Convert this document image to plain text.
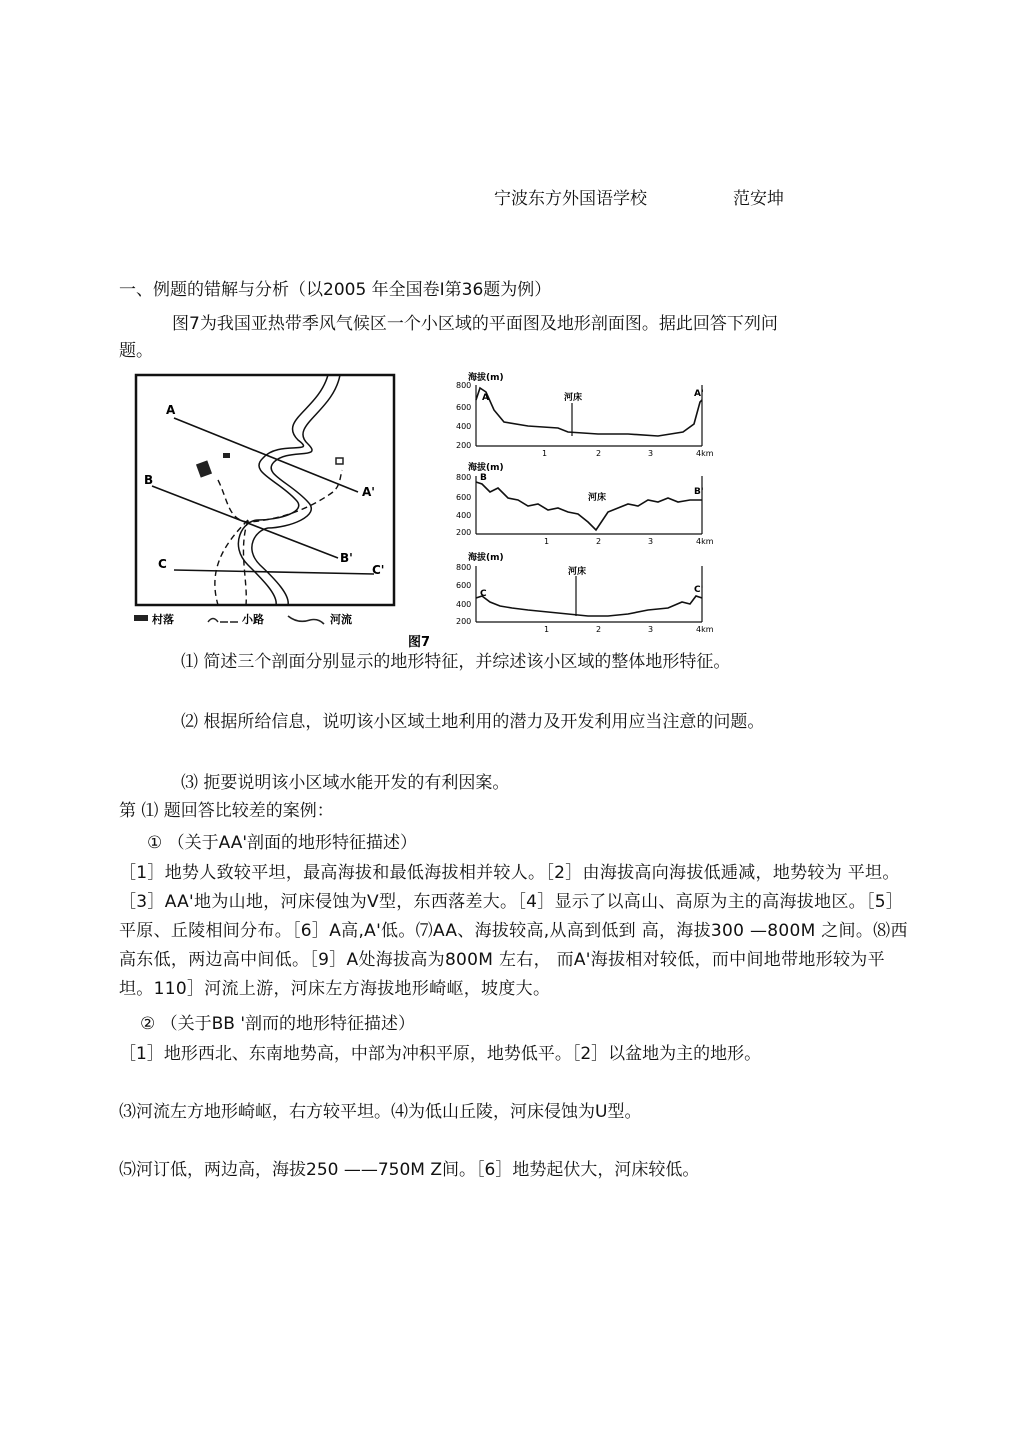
宁波东方外国语学校	范安坤
一、例题的错解与分析（以2005 年全国卷I第36题为例）
图7为我国亚热带季风气候区一个小区域的平面图及地形剖面图。据此回答下列问
题。
A
A'
B
B'
C	C'
村落	小路	河流
海拔(m)
800
600
400
200
河床
A	A'
1	2	3	4km
海拔(m)
800
600
400
200
河床
B
B'
1	2	3	4km
海拔(m)
800
600
400
200
河床
C	C'
1	2	3	4km
图7
⑴ 简述三个剖面分别显示的地形特征，并综述该小区域的整体地形特征。
⑵ 根据所给信息，说叨该小区域土地利用的潜力及开发利用应当注意的问题。
⑶ 扼要说明该小区域水能开发的有利因案。
第 ⑴ 题回答比较差的案例：
① （关于AA'剖面的地形特征描述）
［1］地势人致较平坦，最高海拔和最低海拔相并较人。［2］由海拔高向海拔低逓减，地势较为 平坦。［3］AA'地为山地，河床侵蚀为V型，东西落差大。［4］显示了以高山、高原为主的高海拔地区。［5］平原、丘陵相间分布。［6］A高,A'低。⑺AA、海拔较高,从高到低到 高，海拔300 —800M 之间。⑻西高东低，两边高中间低。［9］A处海拔高为800M 左右， 而A'海拔相对较低，而中间地带地形较为平坦。110］河流上游，河床左方海拔地形崎岖，坡度大。
② （关于BB '剖而的地形特征描述）
［1］地形西北、东南地势高，中部为冲积平原，地势低平。［2］以盆地为主的地形。
⑶河流左方地形崎岖，右方较平坦。⑷为低山丘陵，河床侵蚀为U型。
⑸河订低，两边高，海拔250 ——750M Z间。［6］地势起伏大，河床较低。
